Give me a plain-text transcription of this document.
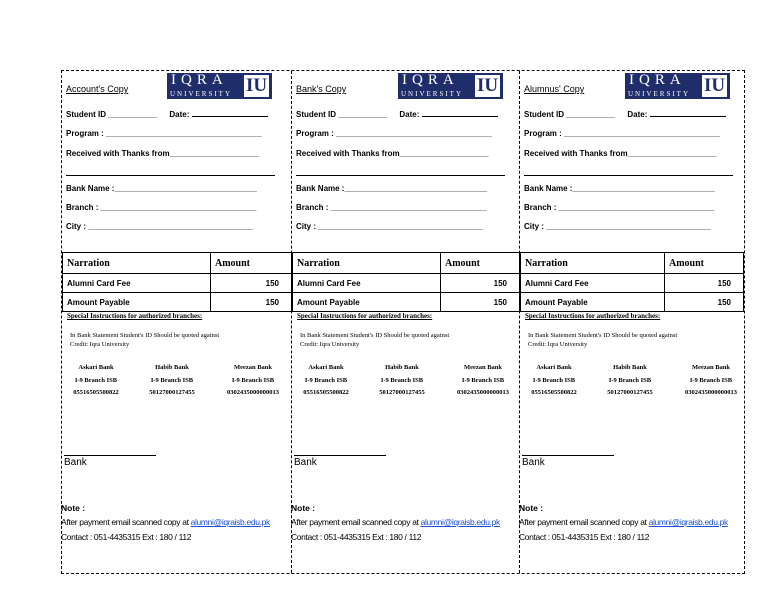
Account's Copy
IQRA
UNIVERSITY IU
Student ID ___________ Date:
Program : ___________________________________
Received with Thanks from____________________
Bank Name :________________________________
Branch : ___________________________________
City : _____________________________________
Narration	Amount
Alumni Card Fee	150
Amount Payable	150
Special Instructions for authorized branches:
In Bank Statement Student's ID Should be quoted against
Credit: Iqra University
Askari Bank
I-9 Branch ISB
05516505500822
Habib Bank
I-9 Branch ISB
50127000127455
Meezan Bank
I-9 Branch ISB
0302435000000013
Bank
Note :
After payment email scanned copy at alumni@iqraisb.edu.pk
Contact : 051-4435315 Ext : 180 / 112
Bank's Copy
IQRA
UNIVERSITY IU
Student ID ___________ Date:
Program : ___________________________________
Received with Thanks from____________________
Bank Name :________________________________
Branch : ___________________________________
City : _____________________________________
Narration	Amount
Alumni Card Fee	150
Amount Payable	150
Special Instructions for authorized branches:
In Bank Statement Student's ID Should be quoted against
Credit: Iqra University
Askari Bank
I-9 Branch ISB
05516505500822
Habib Bank
I-9 Branch ISB
50127000127455
Meezan Bank
I-9 Branch ISB
0302435000000013
Bank
Note :
After payment email scanned copy at alumni@iqraisb.edu.pk
Contact : 051-4435315 Ext : 180 / 112
Alumnus' Copy
IQRA
UNIVERSITY IU
Student ID ___________ Date:
Program : ___________________________________
Received with Thanks from____________________
Bank Name :________________________________
Branch : ___________________________________
City : _____________________________________
Narration	Amount
Alumni Card Fee	150
Amount Payable	150
Special Instructions for authorized branches:
In Bank Statement Student's ID Should be quoted against
Credit: Iqra University
Askari Bank
I-9 Branch ISB
05516505500822
Habib Bank
I-9 Branch ISB
50127000127455
Meezan Bank
I-9 Branch ISB
0302435000000013
Bank
Note :
After payment email scanned copy at alumni@iqraisb.edu.pk
Contact : 051-4435315 Ext : 180 / 112
